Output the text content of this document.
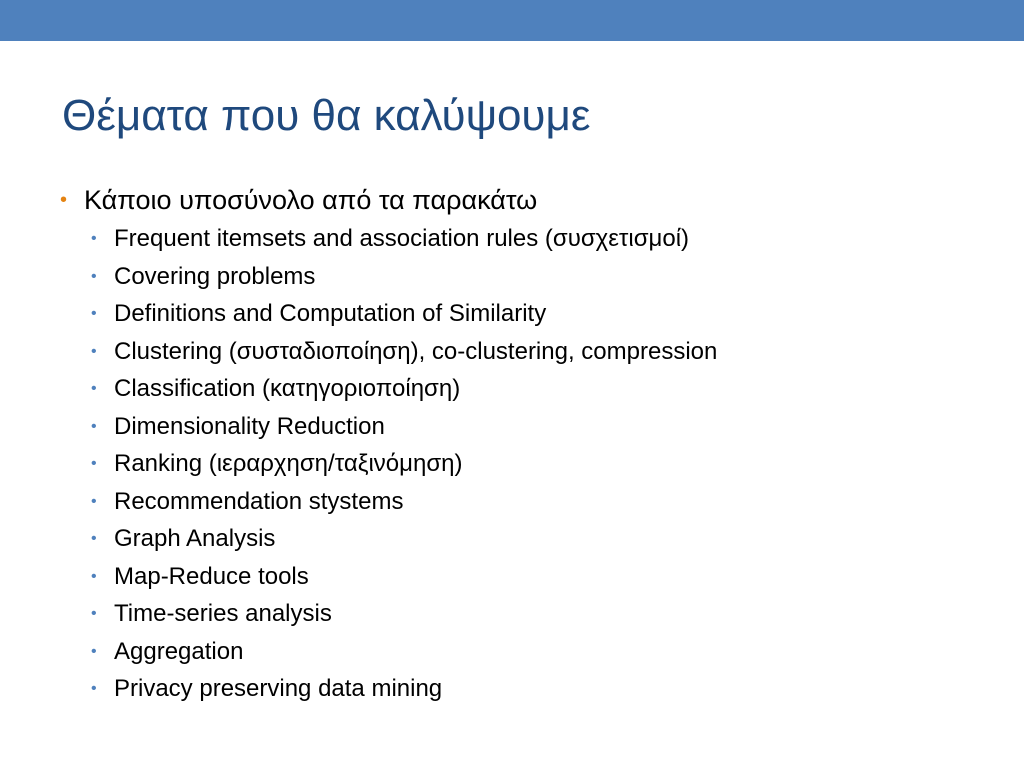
Θέματα που θα καλύψουμε
• Κάποιο υποσύνολο από τα παρακάτω
• Frequent itemsets and association rules (συσχετισμοί)
• Covering problems
• Definitions and Computation of Similarity
• Clustering (συσταδιοποίηση), co-clustering, compression
• Classification (κατηγοριοποίηση)
• Dimensionality Reduction
• Ranking (ιεραρχηση/ταξινόμηση)
• Recommendation stystems
• Graph Analysis
• Map-Reduce tools
• Time-series analysis
• Aggregation
• Privacy preserving data mining
